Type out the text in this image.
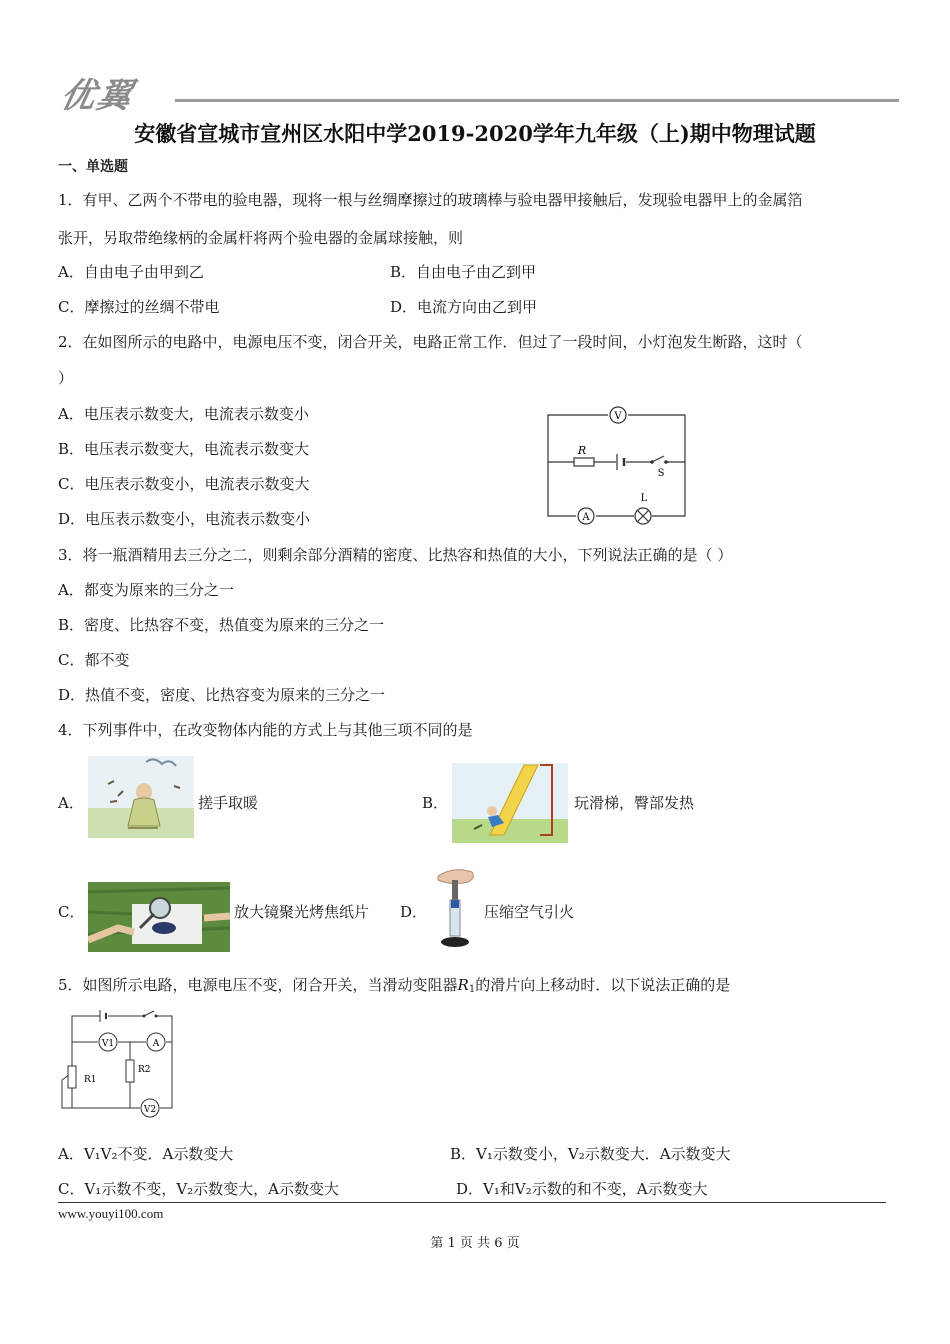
优翼
安徽省宣城市宣州区水阳中学2019-2020学年九年级（上)期中物理试题
一、单选题
1．有甲、乙两个不带电的验电器，现将一根与丝绸摩擦过的玻璃棒与验电器甲接触后，发现验电器甲上的金属箔
张开，另取带绝缘柄的金属杆将两个验电器的金属球接触，则
A．自由电子由甲到乙	B．自由电子由乙到甲
C．摩擦过的丝绸不带电	D．电流方向由乙到甲
2．在如图所示的电路中，电源电压不变，闭合开关，电路正常工作．但过了一段时间，小灯泡发生断路，这时（
）
A．电压表示数变大，电流表示数变小
B．电压表示数变大，电流表示数变大
C．电压表示数变小，电流表示数变大
D．电压表示数变小，电流表示数变小
V
R
S
A
L
3．将一瓶酒精用去三分之二，则剩余部分酒精的密度、比热容和热值的大小，下列说法正确的是（ ）
A．都变为原来的三分之一
B．密度、比热容不变，热值变为原来的三分之一
C．都不变
D．热值不变，密度、比热容变为原来的三分之一
4．下列事件中，在改变物体内能的方式上与其他三项不同的是
A．	搓手取暖	B．	玩滑梯，臀部发热
C．	放大镜聚光烤焦纸片 D．	压缩空气引火
5．如图所示电路，电源电压不变，闭合开关，当滑动变阻器$R_1$的滑片向上移动时．以下说法正确的是
V1	A
R1
R2
V2
A．V₁V₂不变．A示数变大	B．V₁示数变小，V₂示数变大．A示数变大
C．V₁示数不变，V₂示数变大，A示数变大	D．V₁和V₂示数的和不变，A示数变大
www.youyi100.com
第 1 页 共 6 页
